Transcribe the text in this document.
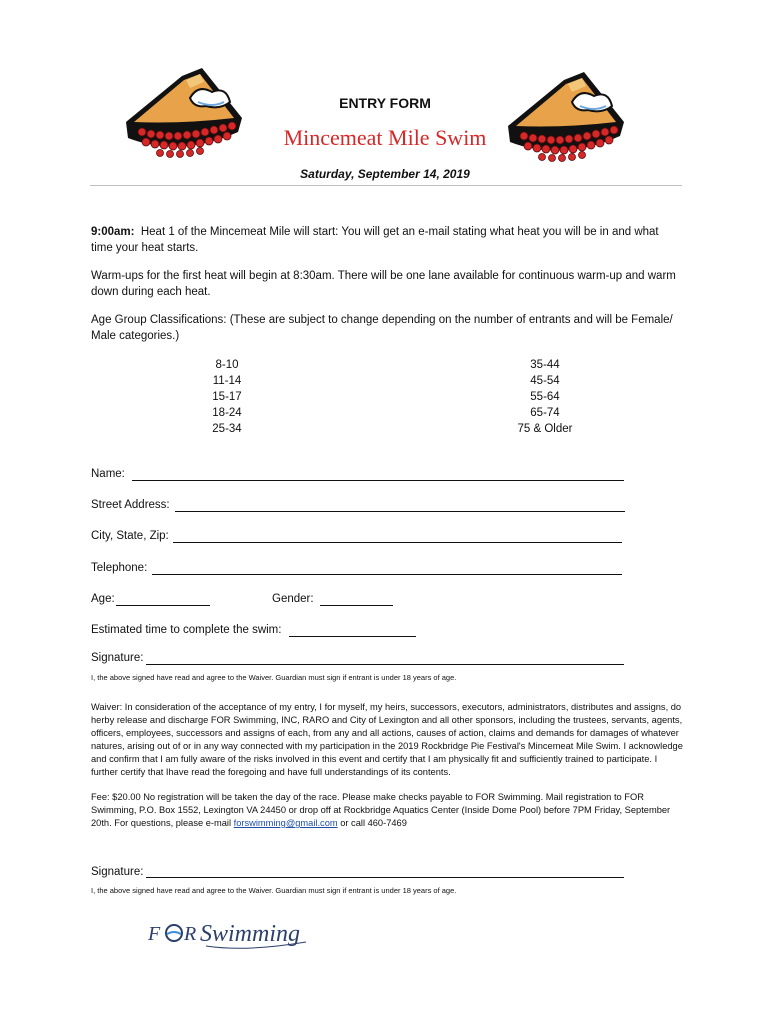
ENTRY FORM
Mincemeat Mile Swim
Saturday, September 14, 2019
9:00am: Heat 1 of the Mincemeat Mile will start: You will get an e-mail stating what heat you will be in and what time your heat starts.
Warm-ups for the first heat will begin at 8:30am. There will be one lane available for continuous warm-up and warm down during each heat.
Age Group Classifications: (These are subject to change depending on the number of entrants and will be Female/ Male categories.)
8-10
11-14
15-17
18-24
25-34
35-44
45-54
55-64
65-74
75 & Older
Name:
Street Address:
City, State, Zip:
Telephone:
Age:	Gender:
Estimated time to complete the swim:
Signature:
I, the above signed have read and agree to the Waiver. Guardian must sign if entrant is under 18 years of age.
Waiver: In consideration of the acceptance of my entry, I for myself, my heirs, successors, executors, administrators, distributes and assigns, do herby release and discharge FOR Swimming, INC, RARO and City of Lexington and all other sponsors, including the trustees, servants, agents, officers, employees, successors and assigns of each, from any and all actions, causes of action, claims and demands for damages of whatever natures, arising out of or in any way connected with my participation in the 2019 Rockbridge Pie Festival's Mincemeat Mile Swim. I acknowledge and confirm that I am fully aware of the risks involved in this event and certify that I am physically fit and sufficiently trained to participate. I further certify that Ihave read the foregoing and have full understandings of its contents.
Fee: $20.00 No registration will be taken the day of the race. Please make checks payable to FOR Swimming. Mail registration to FOR Swimming, P.O. Box 1552, Lexington VA 24450 or drop off at Rockbridge Aquatics Center (Inside Dome Pool) before 7PM Friday, September 20th. For questions, please e-mail forswimming@gmail.com or call 460-7469
Signature:
I, the above signed have read and agree to the Waiver. Guardian must sign if entrant is under 18 years of age.
F R Swimming
